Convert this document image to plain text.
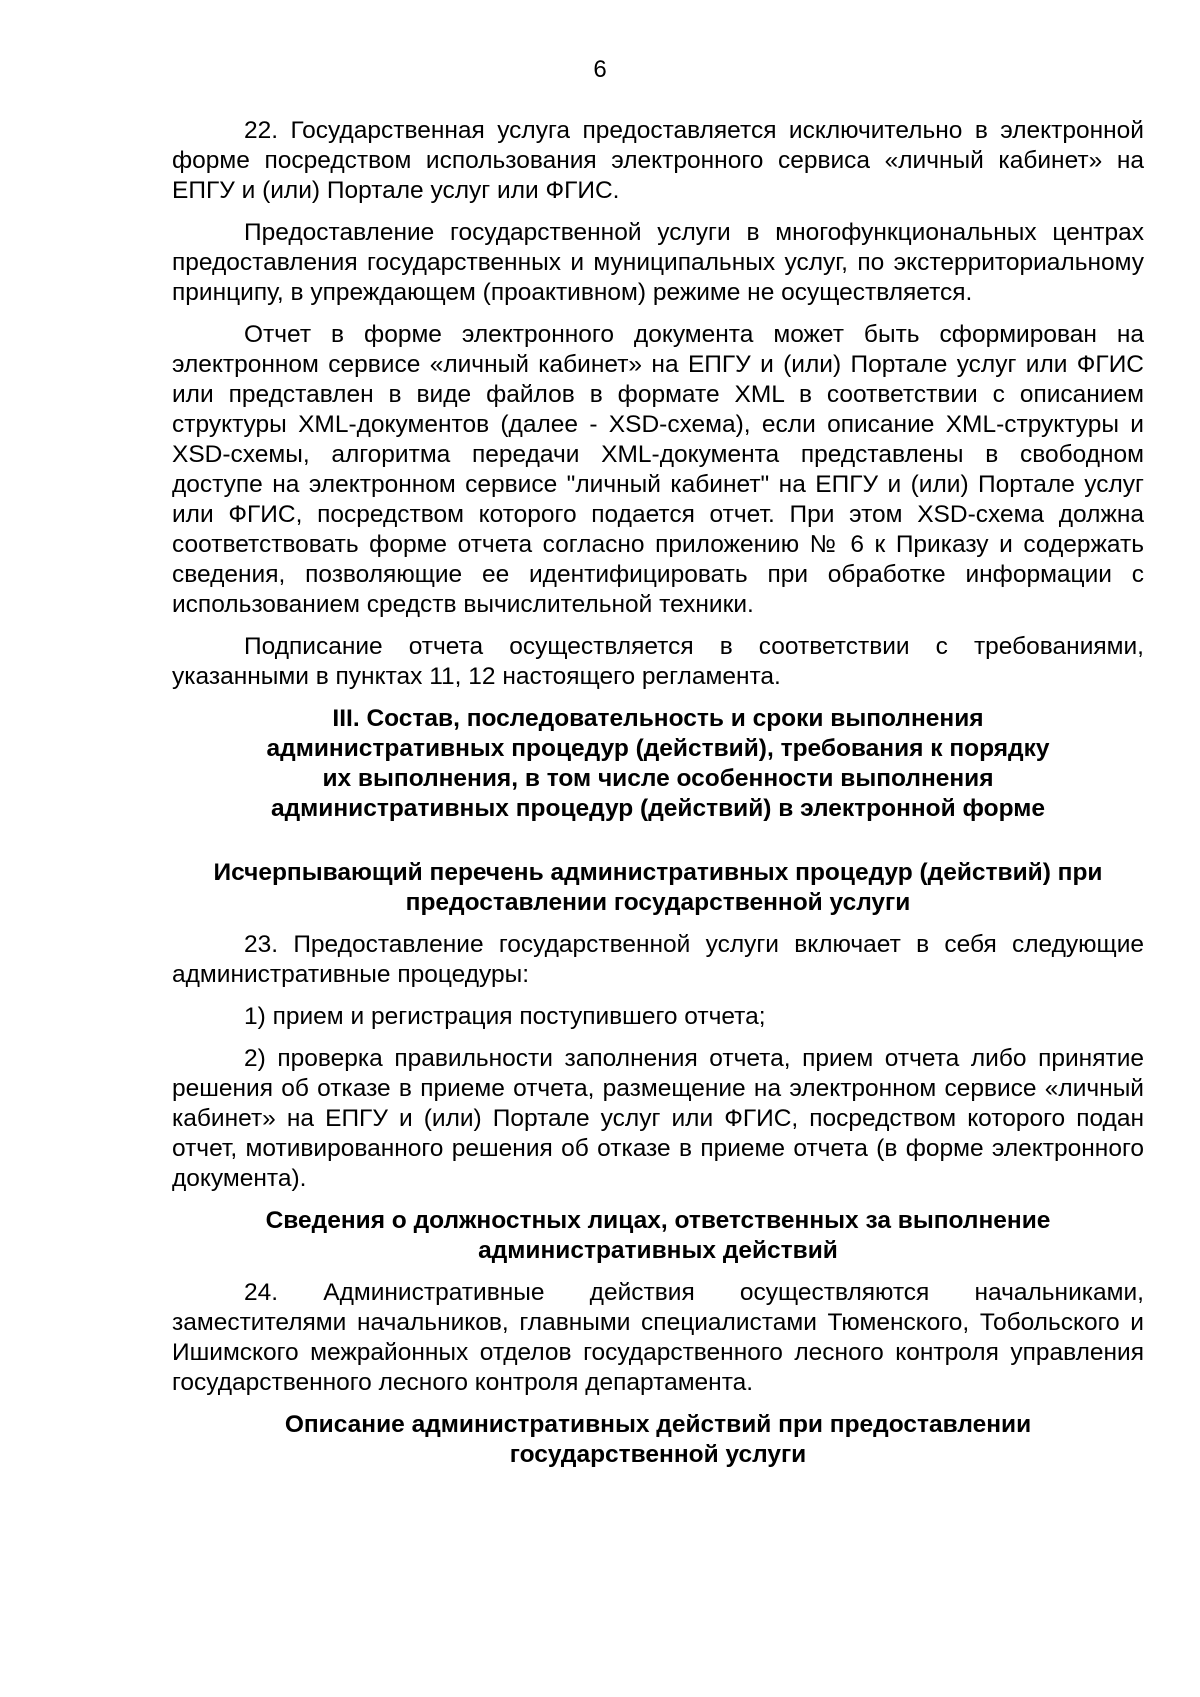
6

22. Государственная услуга предоставляется исключительно в электронной форме посредством использования электронного сервиса «личный кабинет» на ЕПГУ и (или) Портале услуг или ФГИС.

Предоставление государственной услуги в многофункциональных центрах предоставления государственных и муниципальных услуг, по экстерриториальному принципу, в упреждающем (проактивном) режиме не осуществляется.

Отчет в форме электронного документа может быть сформирован на электронном сервисе «личный кабинет» на ЕПГУ и (или) Портале услуг или ФГИС или представлен в виде файлов в формате XML в соответствии с описанием структуры XML-документов (далее - XSD-схема), если описание XML-структуры и XSD-схемы, алгоритма передачи XML-документа представлены в свободном доступе на электронном сервисе "личный кабинет" на ЕПГУ и (или) Портале услуг или ФГИС, посредством которого подается отчет. При этом XSD-схема должна соответствовать форме отчета согласно приложению № 6 к Приказу и содержать сведения, позволяющие ее идентифицировать при обработке информации с использованием средств вычислительной техники.

Подписание отчета осуществляется в соответствии с требованиями, указанными в пунктах 11, 12 настоящего регламента.

III. Состав, последовательность и сроки выполнения
административных процедур (действий), требования к порядку
их выполнения, в том числе особенности выполнения
административных процедур (действий) в электронной форме
Исчерпывающий перечень административных процедур (действий) при
предоставлении государственной услуги

23. Предоставление государственной услуги включает в себя следующие административные процедуры:

1) прием и регистрация поступившего отчета;

2) проверка правильности заполнения отчета, прием отчета либо принятие решения об отказе в приеме отчета, размещение на электронном сервисе «личный кабинет» на ЕПГУ и (или) Портале услуг или ФГИС, посредством которого подан отчет, мотивированного решения об отказе в приеме отчета (в форме электронного документа).

Сведения о должностных лицах, ответственных за выполнение
административных действий

24. Административные действия осуществляются начальниками, заместителями начальников, главными специалистами Тюменского, Тобольского и Ишимского межрайонных отделов государственного лесного контроля управления государственного лесного контроля департамента.

Описание административных действий при предоставлении
государственной услуги
